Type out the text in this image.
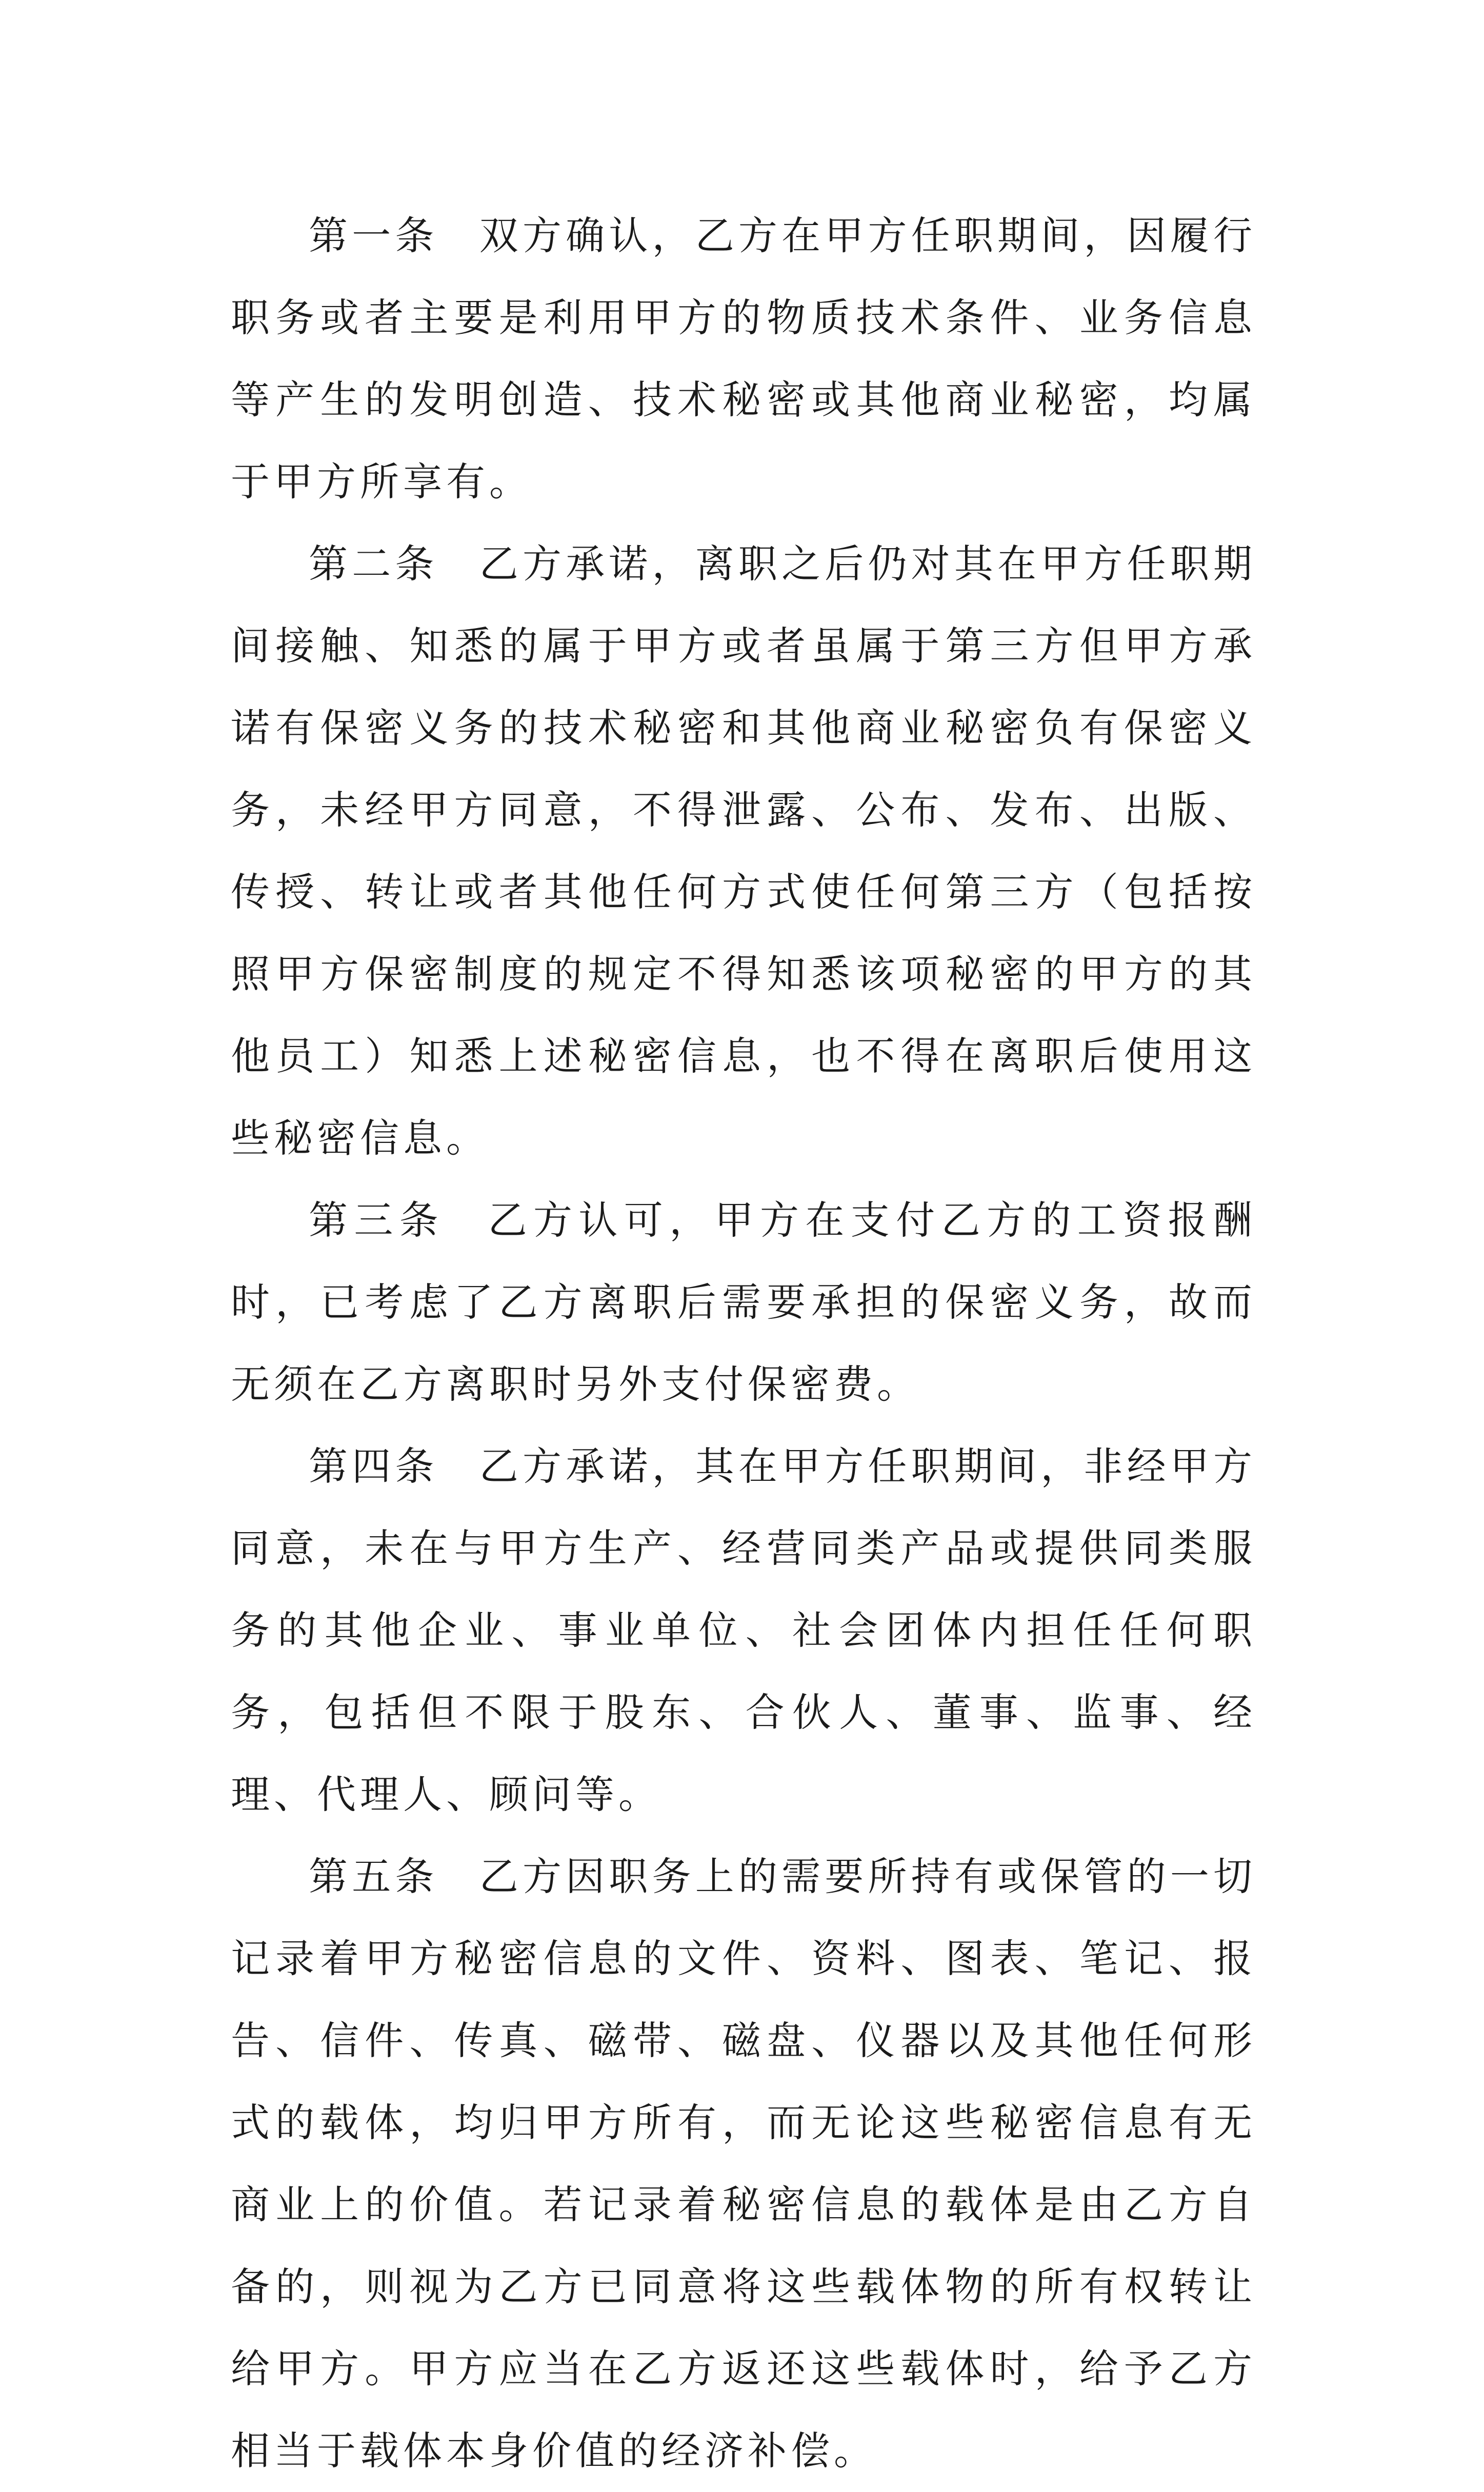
第一条 双方确认，乙方在甲方任职期间，因履行职务或者主要是利用甲方的物质技术条件、业务信息等产生的发明创造、技术秘密或其他商业秘密，均属于甲方所享有。

第二条 乙方承诺，离职之后仍对其在甲方任职期间接触、知悉的属于甲方或者虽属于第三方但甲方承诺有保密义务的技术秘密和其他商业秘密负有保密义务，未经甲方同意，不得泄露、公布、发布、出版、传授、转让或者其他任何方式使任何第三方（包括按照甲方保密制度的规定不得知悉该项秘密的甲方的其他员工）知悉上述秘密信息，也不得在离职后使用这些秘密信息。

第三条 乙方认可，甲方在支付乙方的工资报酬时，已考虑了乙方离职后需要承担的保密义务，故而无须在乙方离职时另外支付保密费。

第四条 乙方承诺，其在甲方任职期间，非经甲方同意，未在与甲方生产、经营同类产品或提供同类服务的其他企业、事业单位、社会团体内担任任何职务，包括但不限于股东、合伙人、董事、监事、经理、代理人、顾问等。

第五条 乙方因职务上的需要所持有或保管的一切记录着甲方秘密信息的文件、资料、图表、笔记、报告、信件、传真、磁带、磁盘、仪器以及其他任何形式的载体，均归甲方所有，而无论这些秘密信息有无商业上的价值。若记录着秘密信息的载体是由乙方自备的，则视为乙方已同意将这些载体物的所有权转让给甲方。甲方应当在乙方返还这些载体时，给予乙方相当于载体本身价值的经济补偿。
